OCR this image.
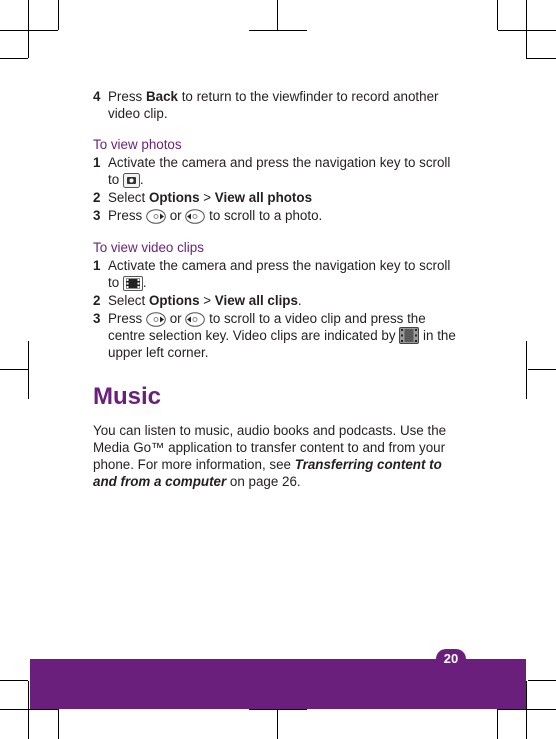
4 Press Back to return to the viewfinder to record another video clip.
To view photos
1 Activate the camera and press the navigation key to scroll to .
2 Select Options > View all photos
3 Press or to scroll to a photo.
To view video clips
1 Activate the camera and press the navigation key to scroll to .
2 Select Options > View all clips.
3 Press or to scroll to a video clip and press the centre selection key. Video clips are indicated by in the upper left corner.
Music
You can listen to music, audio books and podcasts. Use the Media Go™ application to transfer content to and from your phone. For more information, see Transferring content to and from a computer on page 26.
20
